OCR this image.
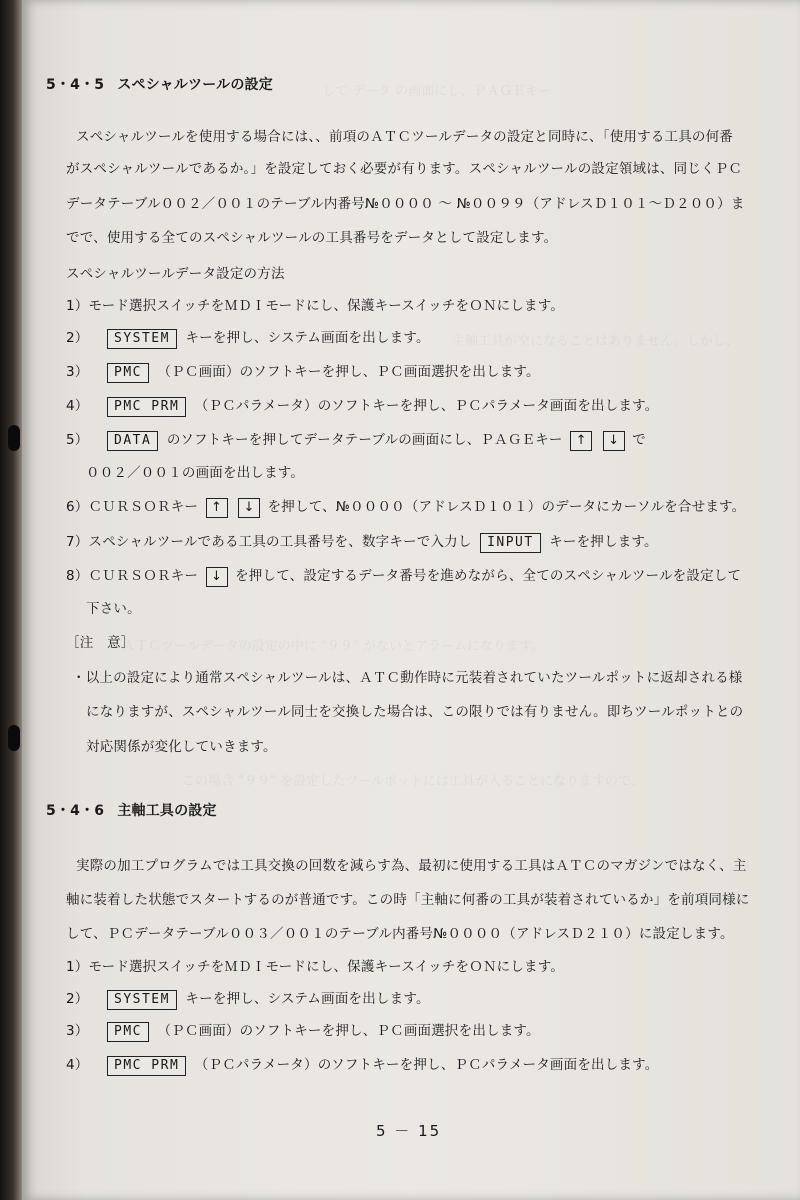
して データ の画面にし、ＰＡＧＥキー
主軸工具が空になることはありません。しかし、
ＡＴＣツールデータの設定の中に "９９" がないとアラームになります。
この場合 "９９" を設定したツールポットには工具が入ることになりますので、
5・4・5 スペシャルツールの設定
スペシャルツールを使用する場合には、、前項のＡＴＣツールデータの設定と同時に、「使用する工具の何番
がスペシャルツールであるか。」を設定しておく必要が有ります。スペシャルツールの設定領域は、同じくＰＣ
データテーブル００２／００１のテーブル内番号№００００ ～ №００９９（アドレスＤ１０１～Ｄ２００）ま
でで、使用する全てのスペシャルツールの工具番号をデータとして設定します。
スペシャルツールデータ設定の方法
1）モード選択スイッチをＭＤＩモードにし、保護キースイッチをＯＮにします。
2） SYSTEM キーを押し、システム画面を出します。
3） PMC （ＰＣ画面）のソフトキーを押し、ＰＣ画面選択を出します。
4） PMC PRM （ＰＣパラメータ）のソフトキーを押し、ＰＣパラメータ画面を出します。
5） DATA のソフトキーを押してデータテーブルの画面にし、ＰＡＧＥキー ↑ ↓ で
００２／００１の画面を出します。
6）ＣＵＲＳＯＲキー ↑ ↓ を押して、№００００（アドレスＤ１０１）のデータにカーソルを合せます。
7）スペシャルツールである工具の工具番号を、数字キーで入力し INPUT キーを押します。
8）ＣＵＲＳＯＲキー ↓ を押して、設定するデータ番号を進めながら、全てのスペシャルツールを設定して
下さい。
［注　意］
・以上の設定により通常スペシャルツールは、ＡＴＣ動作時に元装着されていたツールポットに返却される様
になりますが、スペシャルツール同士を交換した場合は、この限りでは有りません。即ちツールポットとの
対応関係が変化していきます。
5・4・6 主軸工具の設定
実際の加工プログラムでは工具交換の回数を減らす為、最初に使用する工具はＡＴＣのマガジンではなく、主
軸に装着した状態でスタートするのが普通です。この時「主軸に何番の工具が装着されているか」を前項同様に
して、ＰＣデータテーブル００３／００１のテーブル内番号№００００（アドレスＤ２１０）に設定します。
1）モード選択スイッチをＭＤＩモードにし、保護キースイッチをＯＮにします。
2） SYSTEM キーを押し、システム画面を出します。
3） PMC （ＰＣ画面）のソフトキーを押し、ＰＣ画面選択を出します。
4） PMC PRM （ＰＣパラメータ）のソフトキーを押し、ＰＣパラメータ画面を出します。
5 － 15
